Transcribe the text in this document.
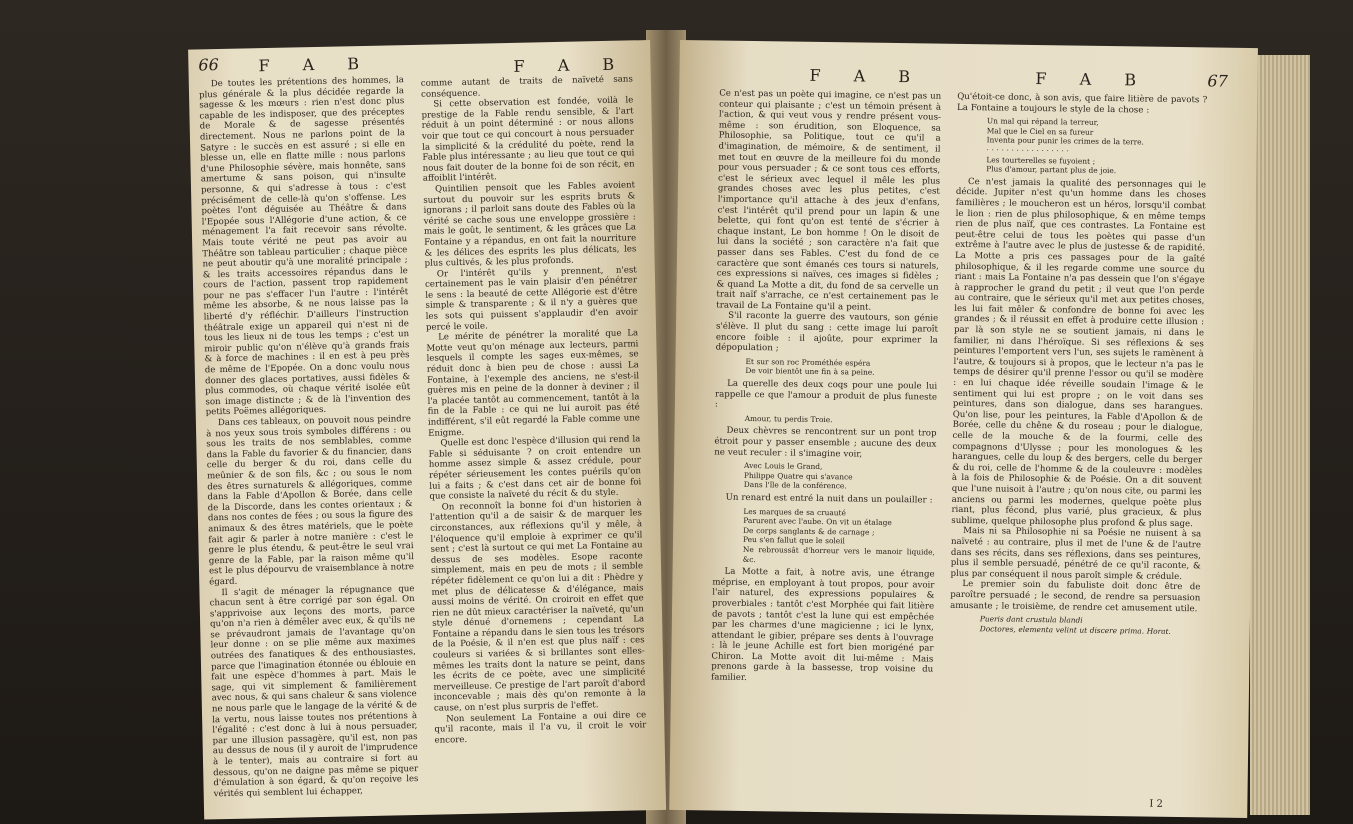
66 F A B	F A B

De toutes les prétentions des hommes, la plus générale & la plus décidée regarde la sagesse & les mœurs : rien n'est donc plus capable de les indisposer, que des préceptes de Morale & de sagesse présentés directement. Nous ne parlons point de la Satyre : le succès en est assuré ; si elle en blesse un, elle en flatte mille : nous parlons d'une Philosophie sévère, mais honnête, sans amertume & sans poison, qui n'insulte personne, & qui s'adresse à tous : c'est précisément de celle-là qu'on s'offense. Les poètes l'ont déguisée au Théâtre & dans l'Epopée sous l'Allégorie d'une action, & ce ménagement l'a fait recevoir sans révolte. Mais toute vérité ne peut pas avoir au Théâtre son tableau particulier ; chaque pièce ne peut aboutir qu'à une moralité principale ; & les traits accessoires répandus dans le cours de l'action, passent trop rapidement pour ne pas s'effacer l'un l'autre : l'intérêt même les absorbe, & ne nous laisse pas la liberté d'y réfléchir. D'ailleurs l'instruction théâtrale exige un appareil qui n'est ni de tous les lieux ni de tous les temps ; c'est un miroir public qu'on n'élève qu'à grands frais & à force de machines : il en est à peu près de même de l'Epopée. On a donc voulu nous donner des glaces portatives, aussi fidèles & plus commodes, où chaque vérité isolée eût son image distincte ; & de là l'invention des petits Poëmes allégoriques.

Dans ces tableaux, on pouvoit nous peindre à nos yeux sous trois symboles différens : ou sous les traits de nos semblables, comme dans la Fable du favorier & du financier, dans celle du berger & du roi, dans celle du meûnier & de son fils, &c ; ou sous le nom des êtres surnaturels & allégoriques, comme dans la Fable d'Apollon & Borée, dans celle de la Discorde, dans les contes orientaux ; & dans nos contes de fées ; ou sous la figure des animaux & des êtres matériels, que le poète fait agir & parler à notre manière : c'est le genre le plus étendu, & peut-être le seul vrai genre de la Fable, par la raison même qu'il est le plus dépourvu de vraisemblance à notre égard.

Il s'agit de ménager la répugnance que chacun sent à être corrigé par son égal. On s'apprivoise aux leçons des morts, parce qu'on n'a rien à démêler avec eux, & qu'ils ne se prévaudront jamais de l'avantage qu'on leur donne : on se plie même aux maximes outrées des fanatiques & des enthousiastes, parce que l'imagination étonnée ou éblouie en fait une espèce d'hommes à part. Mais le sage, qui vit simplement & familièrement avec nous, & qui sans chaleur & sans violence ne nous parle que le langage de la vérité & de la vertu, nous laisse toutes nos prétentions à l'égalité : c'est donc à lui à nous persuader, par une illusion passagère, qu'il est, non pas au dessus de nous (il y auroit de l'imprudence à le tenter), mais au contraire si fort au dessous, qu'on ne daigne pas même se piquer d'émulation à son égard, & qu'on reçoive les vérités qui semblent lui échapper,

comme autant de traits de naïveté sans conséquence.

Si cette observation est fondée, voilà le prestige de la Fable rendu sensible, & l'art réduit à un point déterminé : or nous allons voir que tout ce qui concourt à nous persuader la simplicité & la crédulité du poète, rend la Fable plus intéressante ; au lieu que tout ce qui nous fait douter de la bonne foi de son récit, en affoiblit l'intérêt.

Quintilien pensoit que les Fables avoient surtout du pouvoir sur les esprits bruts & ignorans ; il parloit sans doute des Fables où la vérité se cache sous une enveloppe grossière : mais le goût, le sentiment, & les grâces que La Fontaine y a répandus, en ont fait la nourriture & les délices des esprits les plus délicats, les plus cultivés, & les plus profonds.

Or l'intérêt qu'ils y prennent, n'est certainement pas le vain plaisir d'en pénétrer le sens : la beauté de cette Allégorie est d'être simple & transparente ; & il n'y a guères que les sots qui puissent s'applaudir d'en avoir percé le voile.

Le mérite de pénétrer la moralité que La Motte veut qu'on ménage aux lecteurs, parmi lesquels il compte les sages eux-mêmes, se réduit donc à bien peu de chose : aussi La Fontaine, à l'exemple des anciens, ne s'est-il guères mis en peine de la donner à deviner ; il l'a placée tantôt au commencement, tantôt à la fin de la Fable : ce qui ne lui auroit pas été indifférent, s'il eût regardé la Fable comme une Enigme.

Quelle est donc l'espèce d'illusion qui rend la Fable si séduisante ? on croit entendre un homme assez simple & assez crédule, pour répéter sérieusement les contes puérils qu'on lui a faits ; & c'est dans cet air de bonne foi que consiste la naïveté du récit & du style.

On reconnoît la bonne foi d'un historien à l'attention qu'il a de saisir & de marquer les circonstances, aux réflexions qu'il y mêle, à l'éloquence qu'il emploie à exprimer ce qu'il sent ; c'est là surtout ce qui met La Fontaine au dessus de ses modèles. Esope raconte simplement, mais en peu de mots ; il semble répéter fidèlement ce qu'on lui a dit : Phèdre y met plus de délicatesse & d'élégance, mais aussi moins de vérité. On croiroit en effet que rien ne dût mieux caractériser la naïveté, qu'un style dénué d'ornemens ; cependant La Fontaine a répandu dans le sien tous les trésors de la Poésie, & il n'en est que plus naïf : ces couleurs si variées & si brillantes sont elles-mêmes les traits dont la nature se peint, dans les écrits de ce poète, avec une simplicité merveilleuse. Ce prestige de l'art paroît d'abord inconcevable ; mais dès qu'on remonte à la cause, on n'est plus surpris de l'effet.

Non seulement La Fontaine a oui dire ce qu'il raconte, mais il l'a vu, il croit le voir encore.

F A B	F A B	67

Ce n'est pas un poète qui imagine, ce n'est pas un conteur qui plaisante ; c'est un témoin présent à l'action, & qui veut vous y rendre présent vous-même : son érudition, son Eloquence, sa Philosophie, sa Politique, tout ce qu'il a d'imagination, de mémoire, & de sentiment, il met tout en œuvre de la meilleure foi du monde pour vous persuader ; & ce sont tous ces efforts, c'est le sérieux avec lequel il mêle les plus grandes choses avec les plus petites, c'est l'importance qu'il attache à des jeux d'enfans, c'est l'intérêt qu'il prend pour un lapin & une belette, qui font qu'on est tenté de s'écrier à chaque instant, Le bon homme ! On le disoit de lui dans la société ; son caractère n'a fait que passer dans ses Fables. C'est du fond de ce caractère que sont émanés ces tours si naturels, ces expressions si naïves, ces images si fidèles ; & quand La Motte a dit, du fond de sa cervelle un trait naïf s'arrache, ce n'est certainement pas le travail de La Fontaine qu'il a peint.

S'il raconte la guerre des vautours, son génie s'élève. Il plut du sang : cette image lui paroît encore foible : il ajoûte, pour exprimer la dépopulation ;

Et sur son roc Prométhée espéra
De voir bientôt une fin à sa peine.

La querelle des deux coqs pour une poule lui rappelle ce que l'amour a produit de plus funeste :

Amour, tu perdis Troie.

Deux chèvres se rencontrent sur un pont trop étroit pour y passer ensemble ; aucune des deux ne veut reculer : il s'imagine voir,

Avec Louis le Grand,
Philippe Quatre qui s'avance
Dans l'île de la conférence.

Un renard est entré la nuit dans un poulailler :

Les marques de sa cruauté
Parurent avec l'aube. On vit un étalage
De corps sanglants & de carnage ;
Peu s'en fallut que le soleil
Ne rebroussât d'horreur vers le manoir liquide, &c.

La Motte a fait, à notre avis, une étrange méprise, en employant à tout propos, pour avoir l'air naturel, des expressions populaires & proverbiales : tantôt c'est Morphée qui fait litière de pavots ; tantôt c'est la lune qui est empêchée par les charmes d'une magicienne ; ici le lynx, attendant le gibier, prépare ses dents à l'ouvrage : là le jeune Achille est fort bien morigéné par Chiron. La Motte avoit dit lui-même : Mais prenons garde à la bassesse, trop voisine du familier.

Qu'étoit-ce donc, à son avis, que faire litière de pavots ? La Fontaine a toujours le style de la chose :

Un mal qui répand la terreur,
Mal que le Ciel en sa fureur
Inventa pour punir les crimes de la terre.
· · · · · · · · · · · · · · · · ·
Les tourterelles se fuyoient ;
Plus d'amour, partant plus de joie.

Ce n'est jamais la qualité des personnages qui le décide. Jupiter n'est qu'un homme dans les choses familières ; le moucheron est un héros, lorsqu'il combat le lion : rien de plus philosophique, & en même temps rien de plus naïf, que ces contrastes. La Fontaine est peut-être celui de tous les poètes qui passe d'un extrême à l'autre avec le plus de justesse & de rapidité. La Motte a pris ces passages pour de la gaîté philosophique, & il les regarde comme une source du riant : mais La Fontaine n'a pas dessein que l'on s'égaye à rapprocher le grand du petit ; il veut que l'on perde au contraire, que le sérieux qu'il met aux petites choses, les lui fait mêler & confondre de bonne foi avec les grandes ; & il réussit en effet à produire cette illusion : par là son style ne se soutient jamais, ni dans le familier, ni dans l'héroïque. Si ses réflexions & ses peintures l'emportent vers l'un, ses sujets le ramènent à l'autre, & toujours si à propos, que le lecteur n'a pas le temps de désirer qu'il prenne l'essor ou qu'il se modère : en lui chaque idée réveille soudain l'image & le sentiment qui lui est propre ; on le voit dans ses peintures, dans son dialogue, dans ses harangues. Qu'on lise, pour les peintures, la Fable d'Apollon & de Borée, celle du chêne & du roseau ; pour le dialogue, celle de la mouche & de la fourmi, celle des compagnons d'Ulysse ; pour les monologues & les harangues, celle du loup & des bergers, celle du berger & du roi, celle de l'homme & de la couleuvre : modèles à la fois de Philosophie & de Poésie. On a dit souvent que l'une nuisoit à l'autre ; qu'on nous cite, ou parmi les anciens ou parmi les modernes, quelque poète plus riant, plus fécond, plus varié, plus gracieux, & plus sublime, quelque philosophe plus profond & plus sage.

Mais ni sa Philosophie ni sa Poésie ne nuisent à sa naïveté : au contraire, plus il met de l'une & de l'autre dans ses récits, dans ses réflexions, dans ses peintures, plus il semble persuadé, pénétré de ce qu'il raconte, & plus par conséquent il nous paroît simple & crédule.

Le premier soin du fabuliste doit donc être de paroître persuadé ; le second, de rendre sa persuasion amusante ; le troisième, de rendre cet amusement utile.

Pueris dant crustula blandi
Doctores, elementa velint ut discere prima. Horat.
I 2
